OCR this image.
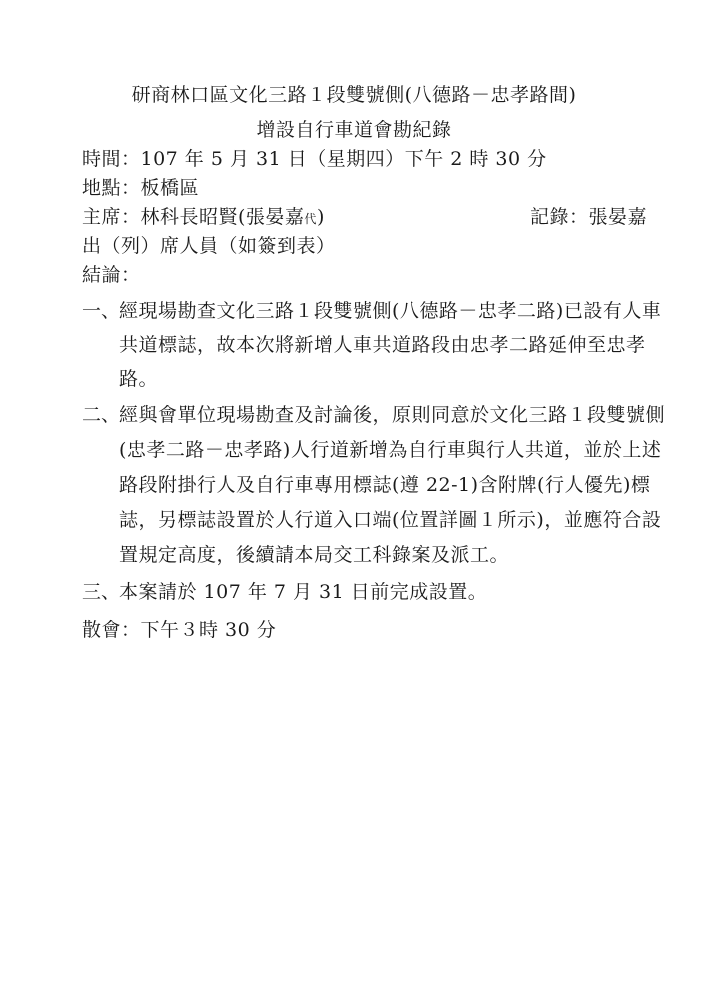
研商林口區文化三路１段雙號側(八德路－忠孝路間)
增設自行車道會勘紀錄
時間：107 年 5 月 31 日（星期四）下午 2 時 30 分
地點：板橋區
主席：林科長昭賢(張晏嘉代)	記錄：張晏嘉
出（列）席人員（如簽到表）
結論：
一、
經現場勘查文化三路１段雙號側(八德路－忠孝二路)已設有人車
共道標誌，故本次將新增人車共道路段由忠孝二路延伸至忠孝
路。
二、
經與會單位現場勘查及討論後，原則同意於文化三路１段雙號側
(忠孝二路－忠孝路)人行道新增為自行車與行人共道，並於上述
路段附掛行人及自行車專用標誌(遵 22-1)含附牌(行人優先)標
誌，另標誌設置於人行道入口端(位置詳圖１所示)，並應符合設
置規定高度，後續請本局交工科錄案及派工。
三、
本案請於 107 年 7 月 31 日前完成設置。
散會：下午３時 30 分
